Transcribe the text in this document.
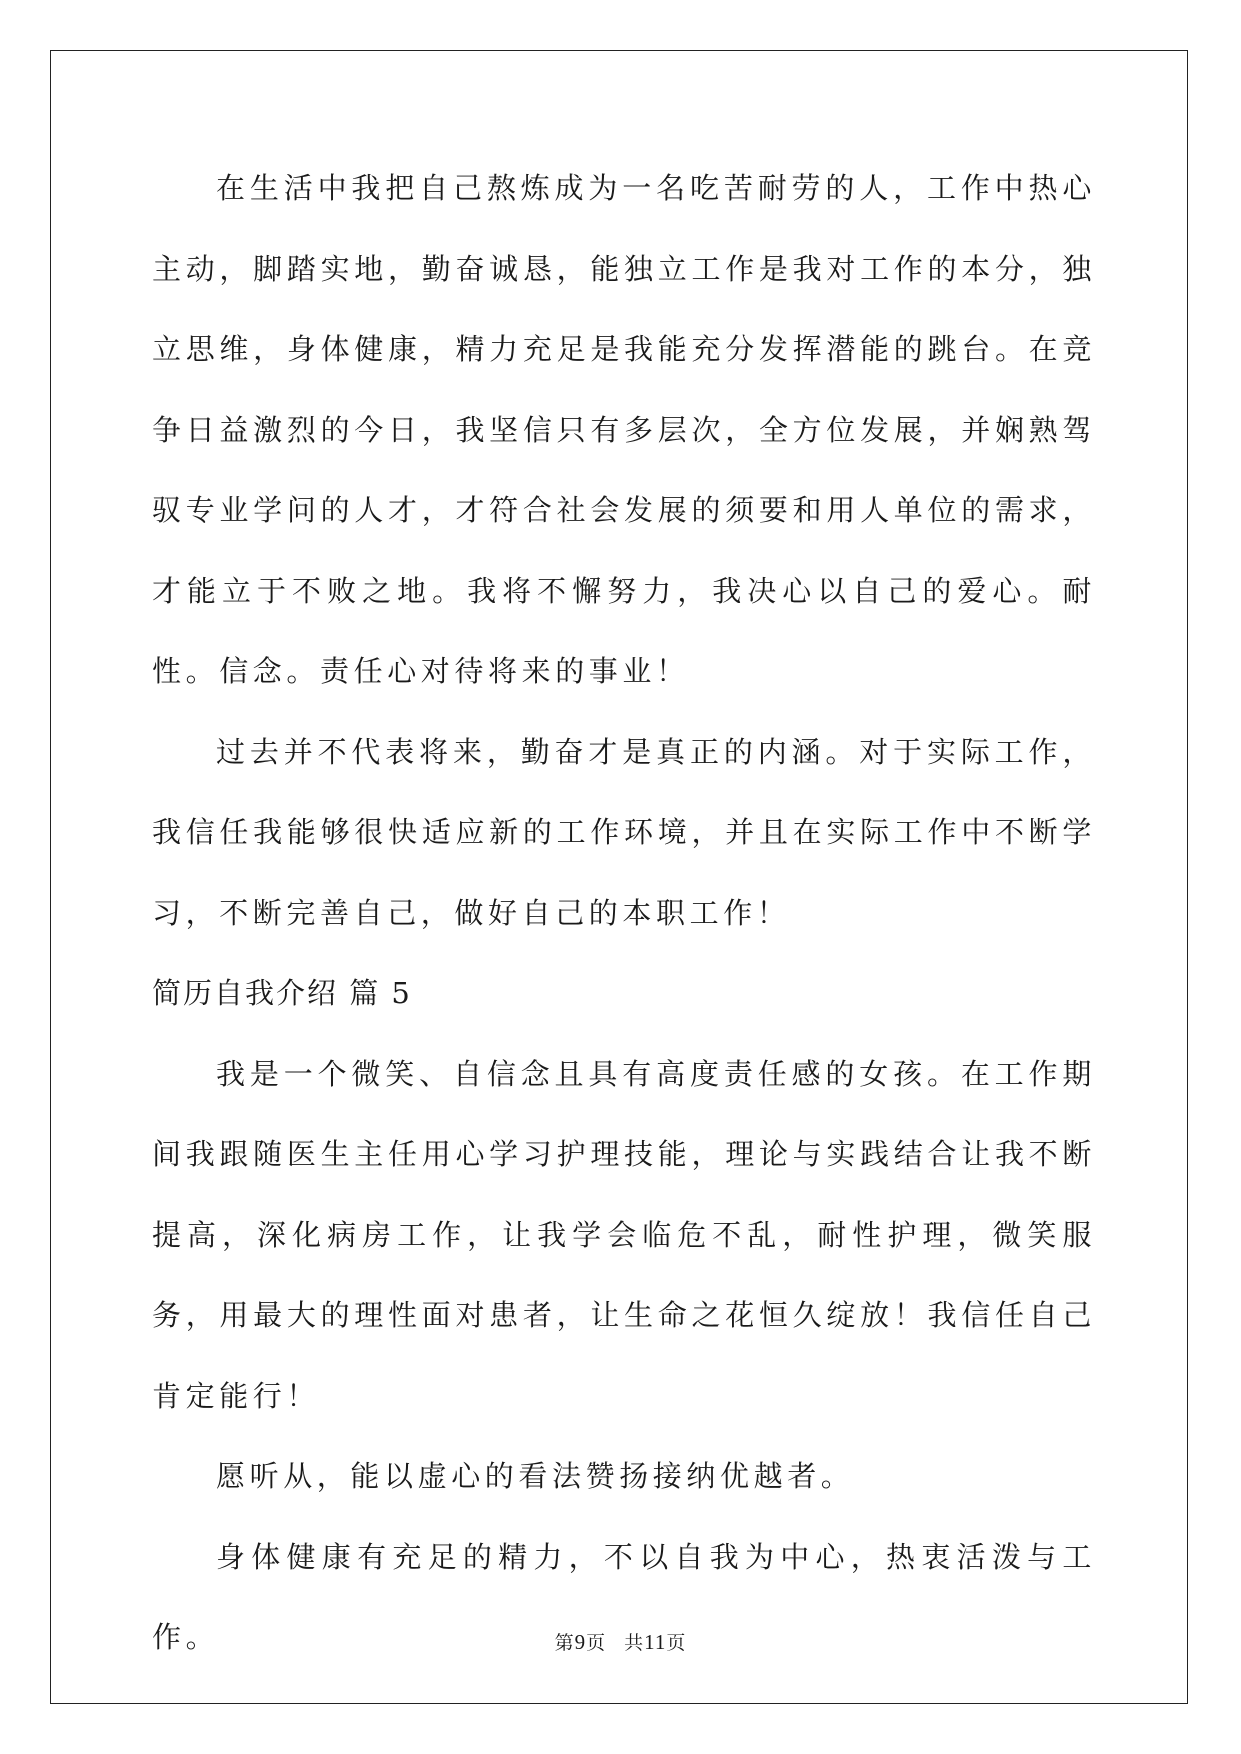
在生活中我把自己熬炼成为一名吃苦耐劳的人，工作中热心主动，脚踏实地，勤奋诚恳，能独立工作是我对工作的本分，独立思维，身体健康，精力充足是我能充分发挥潜能的跳台。在竞争日益激烈的今日，我坚信只有多层次，全方位发展，并娴熟驾驭专业学问的人才，才符合社会发展的须要和用人单位的需求，才能立于不败之地。我将不懈努力，我决心以自己的爱心。耐性。信念。责任心对待将来的事业！

过去并不代表将来，勤奋才是真正的内涵。对于实际工作，我信任我能够很快适应新的工作环境，并且在实际工作中不断学习，不断完善自己，做好自己的本职工作！

简历自我介绍 篇 5

我是一个微笑、自信念且具有高度责任感的女孩。在工作期间我跟随医生主任用心学习护理技能，理论与实践结合让我不断提高，深化病房工作，让我学会临危不乱，耐性护理，微笑服务，用最大的理性面对患者，让生命之花恒久绽放！我信任自己肯定能行！

愿听从，能以虚心的看法赞扬接纳优越者。

身体健康有充足的精力，不以自我为中心，热衷活泼与工作。	第9页 共11页
